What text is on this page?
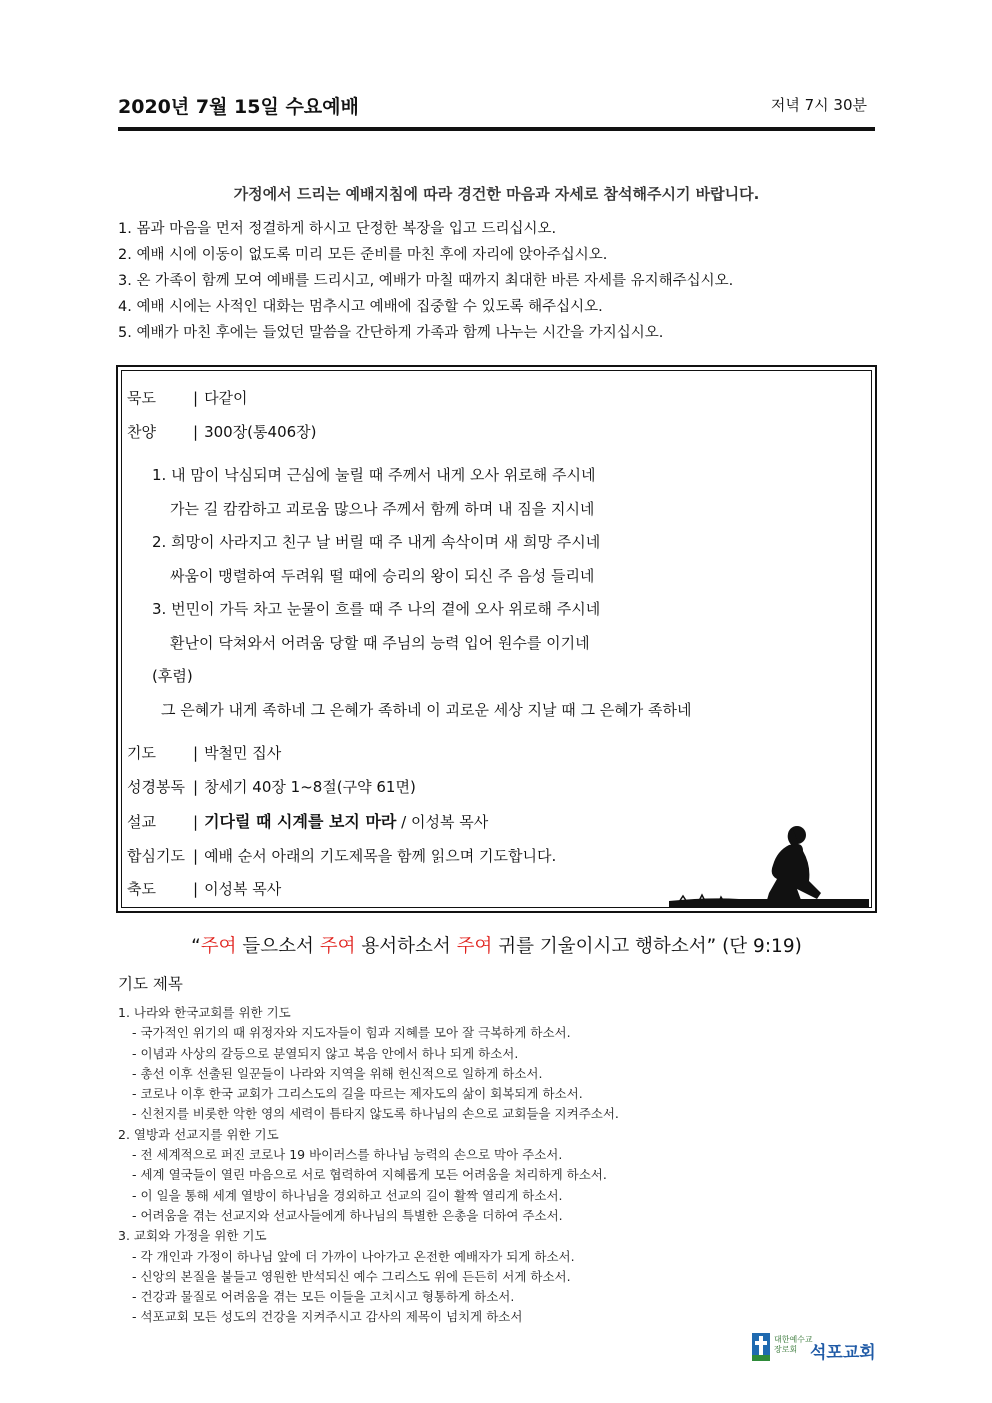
2020년 7월 15일 수요예배	저녁 7시 30분
가정에서 드리는 예배지침에 따라 경건한 마음과 자세로 참석해주시기 바랍니다.
1. 몸과 마음을 먼저 정결하게 하시고 단정한 복장을 입고 드리십시오.
2. 예배 시에 이동이 없도록 미리 모든 준비를 마친 후에 자리에 앉아주십시오.
3. 온 가족이 함께 모여 예배를 드리시고, 예배가 마칠 때까지 최대한 바른 자세를 유지해주십시오.
4. 예배 시에는 사적인 대화는 멈추시고 예배에 집중할 수 있도록 해주십시오.
5. 예배가 마친 후에는 들었던 말씀을 간단하게 가족과 함께 나누는 시간을 가지십시오.
묵도 | 다같이
찬양 | 300장(통406장)
1. 내 맘이 낙심되며 근심에 눌릴 때 주께서 내게 오사 위로해 주시네
가는 길 캄캄하고 괴로움 많으나 주께서 함께 하며 내 짐을 지시네
2. 희망이 사라지고 친구 날 버릴 때 주 내게 속삭이며 새 희망 주시네
싸움이 맹렬하여 두려워 떨 때에 승리의 왕이 되신 주 음성 들리네
3. 번민이 가득 차고 눈물이 흐를 때 주 나의 곁에 오사 위로해 주시네
환난이 닥쳐와서 어려움 당할 때 주님의 능력 입어 원수를 이기네
(후렴)
그 은혜가 내게 족하네 그 은혜가 족하네 이 괴로운 세상 지날 때 그 은혜가 족하네
기도 | 박철민 집사
성경봉독 | 창세기 40장 1~8절(구약 61면)
설교 | 기다릴 때 시계를 보지 마라 / 이성복 목사
합심기도 | 예배 순서 아래의 기도제목을 함께 읽으며 기도합니다.
축도 | 이성복 목사
“주여 들으소서 주여 용서하소서 주여 귀를 기울이시고 행하소서” (단 9:19)
기도 제목
1. 나라와 한국교회를 위한 기도
- 국가적인 위기의 때 위정자와 지도자들이 힘과 지혜를 모아 잘 극복하게 하소서.
- 이념과 사상의 갈등으로 분열되지 않고 복음 안에서 하나 되게 하소서.
- 총선 이후 선출된 일꾼들이 나라와 지역을 위해 헌신적으로 일하게 하소서.
- 코로나 이후 한국 교회가 그리스도의 길을 따르는 제자도의 삶이 회복되게 하소서.
- 신천지를 비롯한 악한 영의 세력이 틈타지 않도록 하나님의 손으로 교회들을 지켜주소서.
2. 열방과 선교지를 위한 기도
- 전 세계적으로 퍼진 코로나 19 바이러스를 하나님 능력의 손으로 막아 주소서.
- 세계 열국들이 열린 마음으로 서로 협력하여 지혜롭게 모든 어려움을 처리하게 하소서.
- 이 일을 통해 세계 열방이 하나님을 경외하고 선교의 길이 활짝 열리게 하소서.
- 어려움을 겪는 선교지와 선교사들에게 하나님의 특별한 은총을 더하여 주소서.
3. 교회와 가정을 위한 기도
- 각 개인과 가정이 하나님 앞에 더 가까이 나아가고 온전한 예배자가 되게 하소서.
- 신앙의 본질을 붙들고 영원한 반석되신 예수 그리스도 위에 든든히 서게 하소서.
- 건강과 물질로 어려움을 겪는 모든 이들을 고치시고 형통하게 하소서.
- 석포교회 모든 성도의 건강을 지켜주시고 감사의 제목이 넘치게 하소서
대한예수교
장로회 석포교회
